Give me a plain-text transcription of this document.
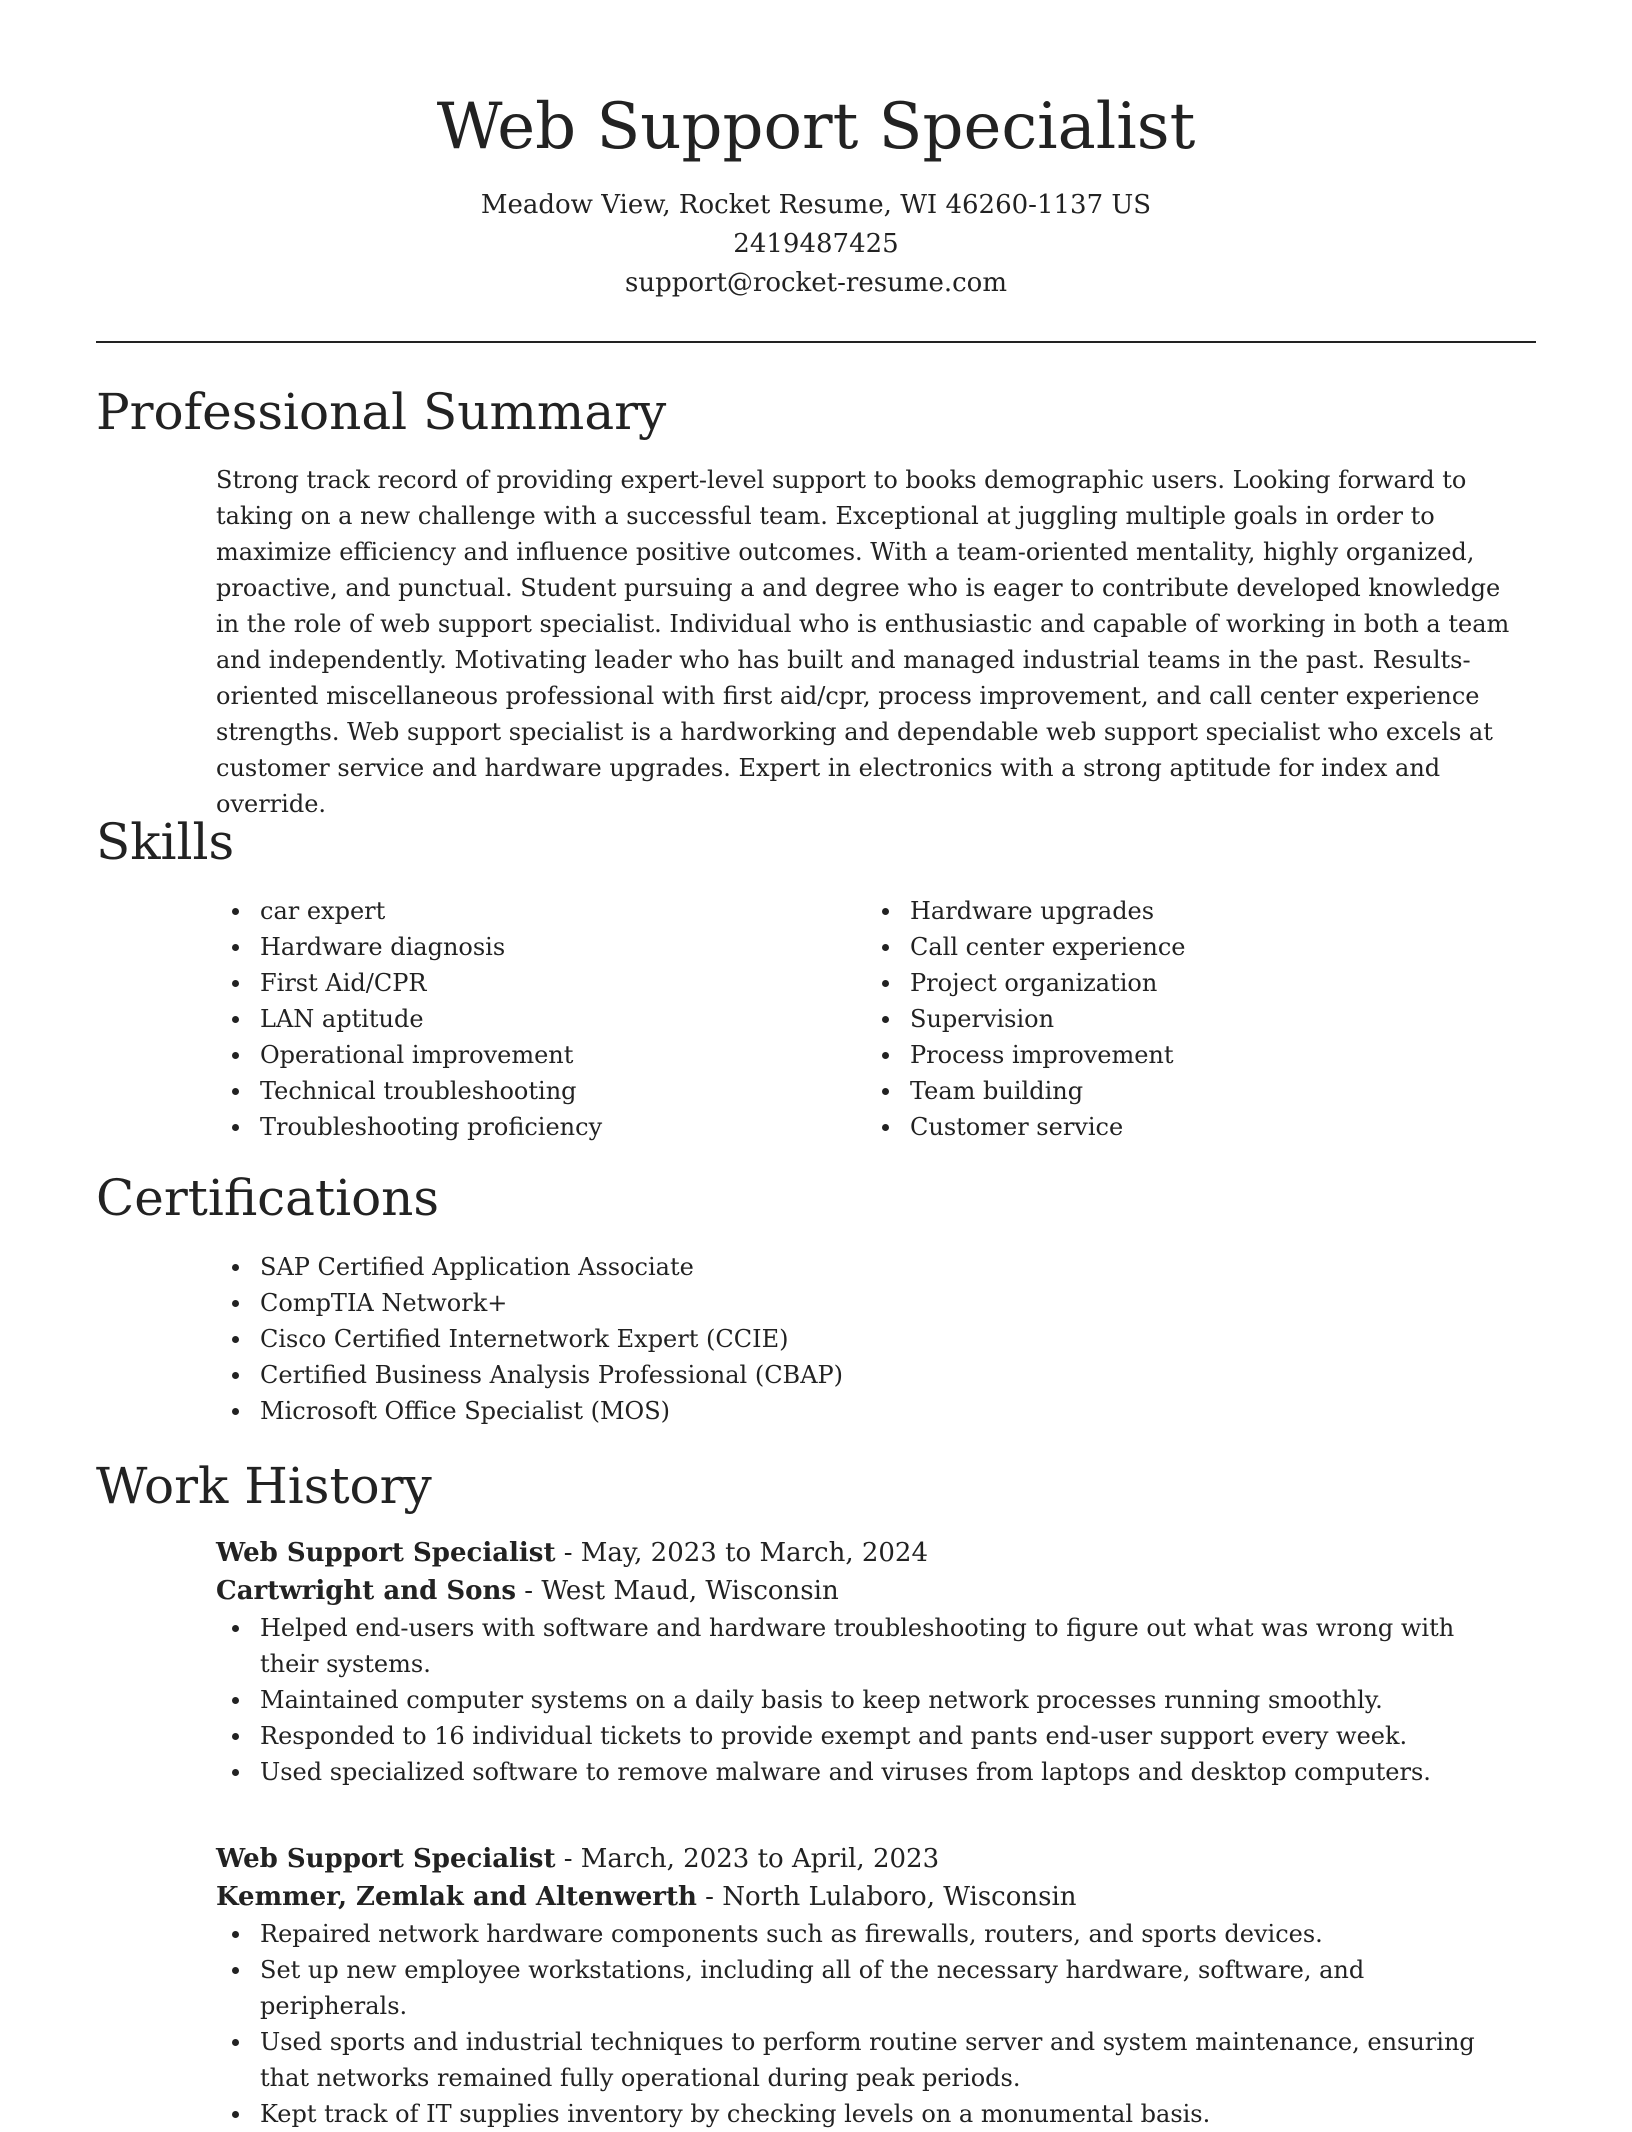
Web Support Specialist
Meadow View, Rocket Resume, WI 46260-1137 US
2419487425
support@rocket-resume.com
Professional Summary

Strong track record of providing expert-level support to books demographic users. Looking forward to taking on a new challenge with a successful team. Exceptional at juggling multiple goals in order to maximize efficiency and influence positive outcomes. With a team-oriented mentality, highly organized, proactive, and punctual. Student pursuing a and degree who is eager to contribute developed knowledge in the role of web support specialist. Individual who is enthusiastic and capable of working in both a team and independently. Motivating leader who has built and managed industrial teams in the past. Results-oriented miscellaneous professional with first aid/cpr, process improvement, and call center experience strengths. Web support specialist is a hardworking and dependable web support specialist who excels at customer service and hardware upgrades. Expert in electronics with a strong aptitude for index and override.

Skills
car expert
Hardware diagnosis
First Aid/CPR
LAN aptitude
Operational improvement
Technical troubleshooting
Troubleshooting proficiency
Hardware upgrades
Call center experience
Project organization
Supervision
Process improvement
Team building
Customer service
Certifications
SAP Certified Application Associate
CompTIA Network+
Cisco Certified Internetwork Expert (CCIE)
Certified Business Analysis Professional (CBAP)
Microsoft Office Specialist (MOS)
Work History
Web Support Specialist - May, 2023 to March, 2024
Cartwright and Sons - West Maud, Wisconsin
Helped end-users with software and hardware troubleshooting to figure out what was wrong with their systems.
Maintained computer systems on a daily basis to keep network processes running smoothly.
Responded to 16 individual tickets to provide exempt and pants end-user support every week.
Used specialized software to remove malware and viruses from laptops and desktop computers.
Web Support Specialist - March, 2023 to April, 2023
Kemmer, Zemlak and Altenwerth - North Lulaboro, Wisconsin
Repaired network hardware components such as firewalls, routers, and sports devices.
Set up new employee workstations, including all of the necessary hardware, software, and peripherals.
Used sports and industrial techniques to perform routine server and system maintenance, ensuring that networks remained fully operational during peak periods.
Kept track of IT supplies inventory by checking levels on a monumental basis.
